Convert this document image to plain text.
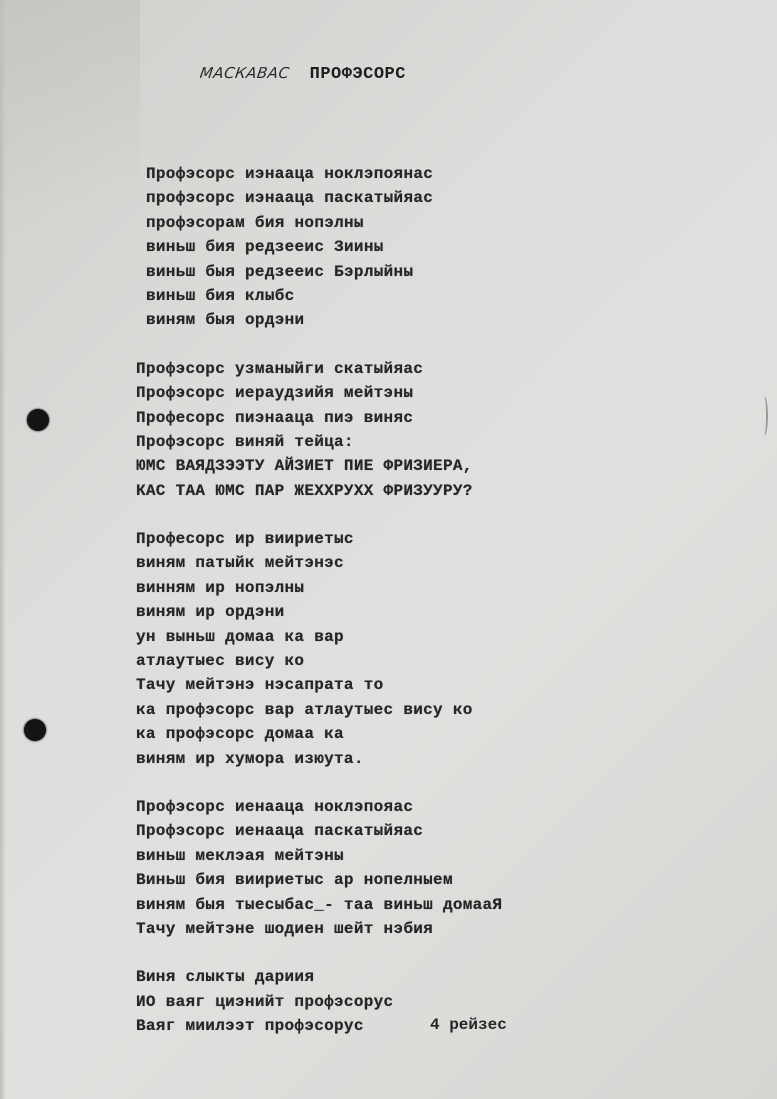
МАСКАВАС ПРОФЭСОРС
Профэсорс иэнааца ноклэпоянас
профэсорс иэнааца паскатыйяас
профэсорам бия нопэлны
виньш бия редзееис Зиины
виньш быя редзееис Бэрлыйны
виньш бия клыбс
виням быя ордэни
Профэсорс узманыйги скатыйяас
Профэсорс иераудзийя мейтэны
Професорс пиэнааца пиэ виняс
Профэсорс виняй тейца:
ЮМС ВАЯДЗЭЭТУ АЙЗИЕТ ПИЕ ФРИЗИЕРА,
КАС ТАА ЮМС ПАР ЖЕХХРУХХ ФРИЗУУРУ?
Професорс ир виириетыс
виням патыйк мейтэнэс
винням ир нопэлны
виням ир ордэни
ун выньш домаа ка вар
атлаутыес вису ко
Тачу мейтэнэ нэсапрата то
ка профэсорс вар атлаутыес вису ко
ка профэсорс домаа ка
виням ир хумора изюута.
Профэсорс иенааца ноклэпояас
Профэсорс иенааца паскатыйяас
виньш меклэая мейтэны
Виньш бия виириетыс ар нопелныем
виням быя тыесыбас_- таа виньш домааЯ
Тачу мейтэне шодиен шейт нэбия
Виня слыкты дариия
ИО ваяг циэнийт профэсорус
Ваяг миилээт профэсорус	4 рейзес
